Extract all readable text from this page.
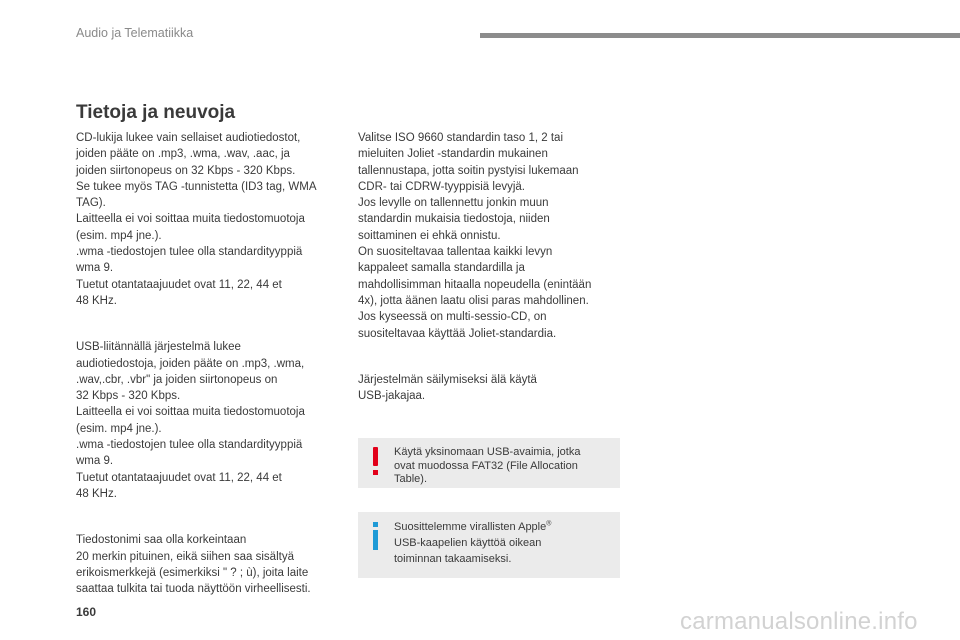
Audio ja Telematiikka
Tietoja ja neuvoja

CD-lukija lukee vain sellaiset audiotiedostot,
joiden pääte on .mp3, .wma, .wav, .aac, ja
joiden siirtonopeus on 32 Kbps - 320 Kbps.
Se tukee myös TAG -tunnistetta (ID3 tag, WMA
TAG).
Laitteella ei voi soittaa muita tiedostomuotoja
(esim. mp4 jne.).
.wma -tiedostojen tulee olla standardityyppiä
wma 9.
Tuetut otantataajuudet ovat 11, 22, 44 et
48 KHz.

USB-liitännällä järjestelmä lukee
audiotiedostoja, joiden pääte on .mp3, .wma,
.wav,.cbr, .vbr" ja joiden siirtonopeus on
32 Kbps - 320 Kbps.
Laitteella ei voi soittaa muita tiedostomuotoja
(esim. mp4 jne.).
.wma -tiedostojen tulee olla standardityyppiä
wma 9.
Tuetut otantataajuudet ovat 11, 22, 44 et
48 KHz.

Tiedostonimi saa olla korkeintaan
20 merkin pituinen, eikä siihen saa sisältyä
erikoismerkkejä (esimerkiksi " ? ; ù), joita laite
saattaa tulkita tai tuoda näyttöön virheellisesti.

Valitse ISO 9660 standardin taso 1, 2 tai
mieluiten Joliet -standardin mukainen
tallennustapa, jotta soitin pystyisi lukemaan
CDR- tai CDRW-tyyppisiä levyjä.
Jos levylle on tallennettu jonkin muun
standardin mukaisia tiedostoja, niiden
soittaminen ei ehkä onnistu.
On suositeltavaa tallentaa kaikki levyn
kappaleet samalla standardilla ja
mahdollisimman hitaalla nopeudella (enintään
4x), jotta äänen laatu olisi paras mahdollinen.
Jos kyseessä on multi-sessio-CD, on
suositeltavaa käyttää Joliet-standardia.

Järjestelmän säilymiseksi älä käytä
USB-jakajaa.

Käytä yksinomaan USB-avaimia, jotka
ovat muodossa FAT32 (File Allocation
Table).
Suosittelemme virallisten Apple®
USB-kaapelien käyttöä oikean
toiminnan takaamiseksi.
160	carmanualsonline.info
